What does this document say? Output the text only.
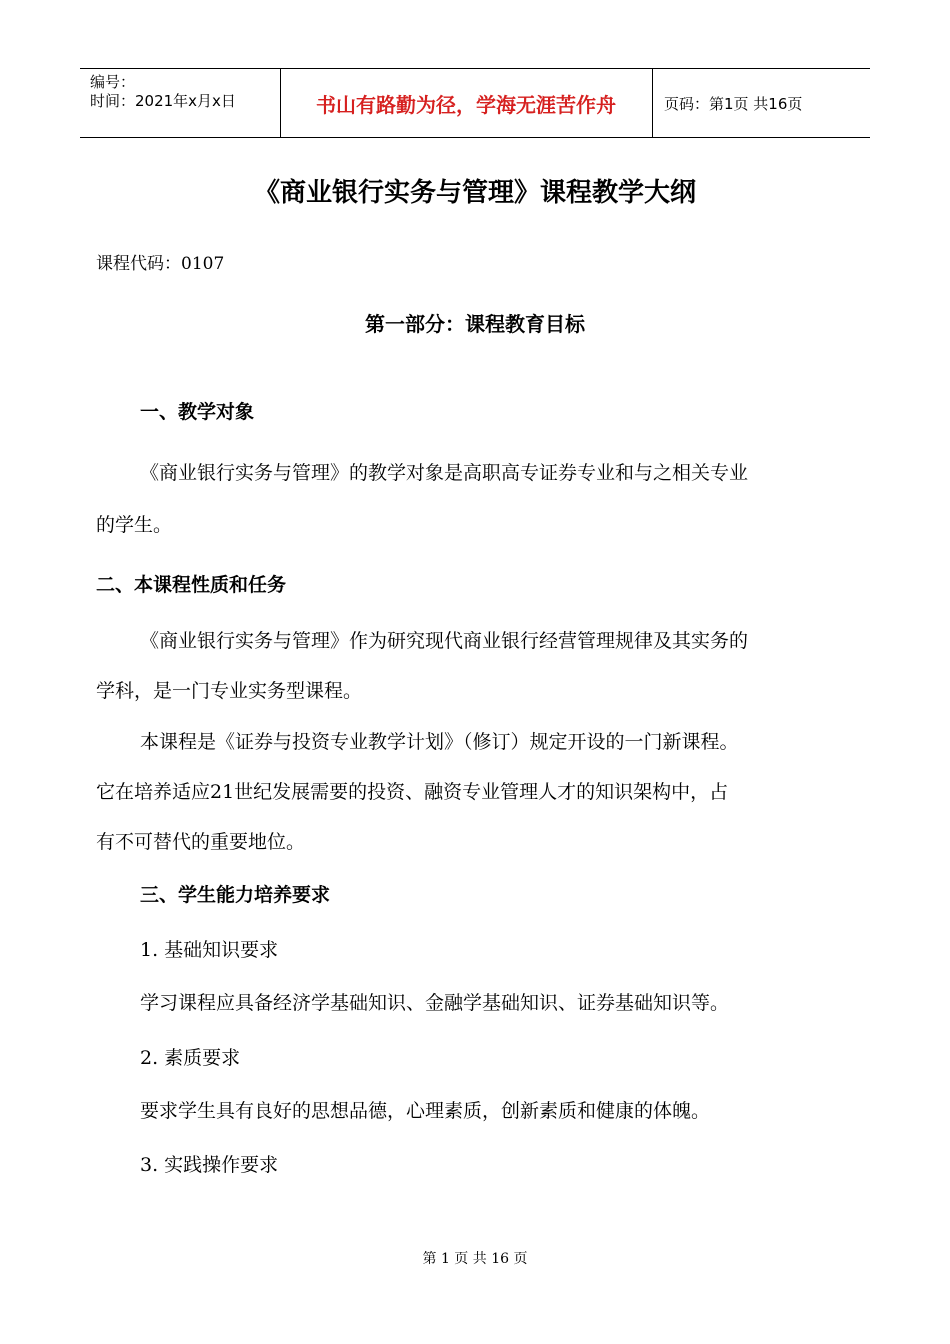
编号：
时间：2021年x月x日	书山有路勤为径，学海无涯苦作舟	页码：第1页 共16页
《商业银行实务与管理》课程教学大纲
课程代码：0107
第一部分：课程教育目标
一、教学对象
《商业银行实务与管理》的教学对象是高职高专证券专业和与之相关专业
的学生。
二、本课程性质和任务
《商业银行实务与管理》作为研究现代商业银行经营管理规律及其实务的
学科，是一门专业实务型课程。
本课程是《证券与投资专业教学计划》（修订）规定开设的一门新课程。
它在培养适应21世纪发展需要的投资、融资专业管理人才的知识架构中，占
有不可替代的重要地位。
三、学生能力培养要求
1. 基础知识要求
学习课程应具备经济学基础知识、金融学基础知识、证券基础知识等。
2. 素质要求
要求学生具有良好的思想品德，心理素质，创新素质和健康的体魄。
3. 实践操作要求
第 1 页 共 16 页
